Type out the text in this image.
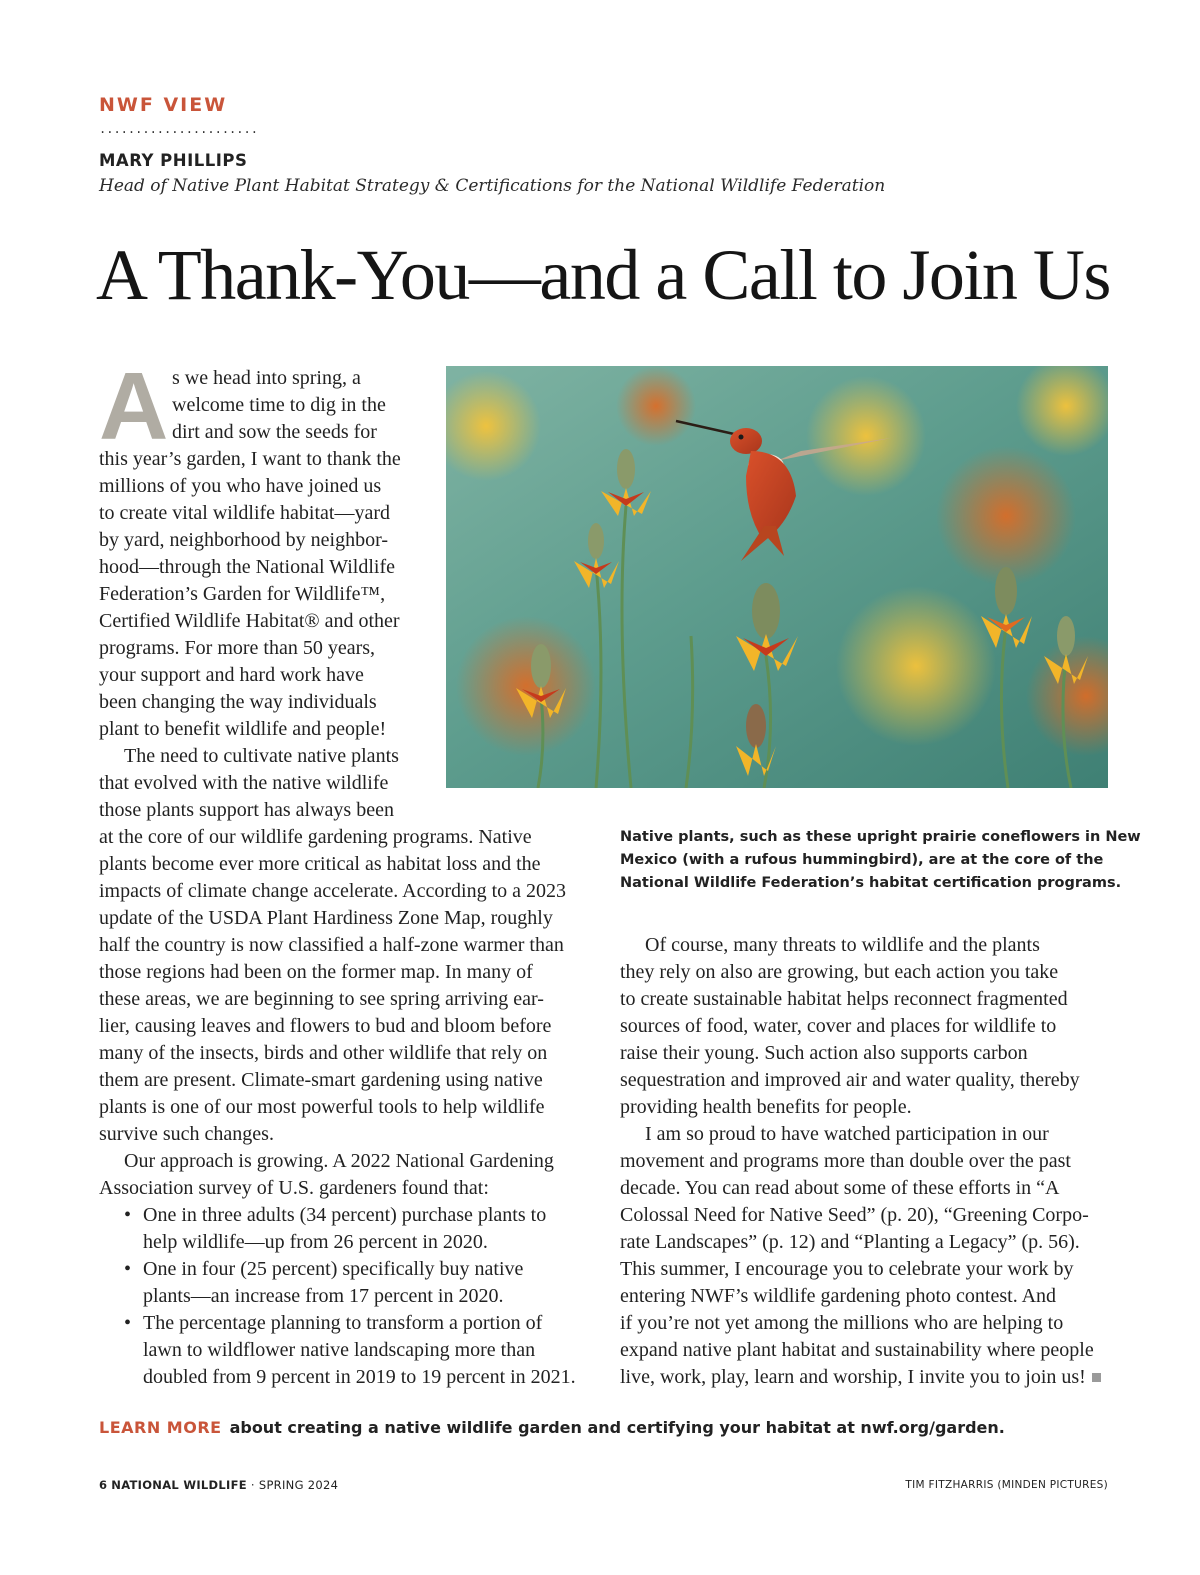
NWF VIEW
......................
MARY PHILLIPS
Head of Native Plant Habitat Strategy & Certifications for the National Wildlife Federation
A Thank-You—and a Call to Join Us
A s we head into spring, a
welcome time to dig in the
dirt and sow the seeds for
this year’s garden, I want to thank the
millions of you who have joined us
to create vital wildlife habitat—yard
by yard, neighborhood by neighbor-
hood—through the National Wildlife
Federation’s Garden for Wildlife™,
Certified Wildlife Habitat® and other
programs. For more than 50 years,
your support and hard work have
been changing the way individuals
plant to benefit wildlife and people!
The need to cultivate native plants
that evolved with the native wildlife
those plants support has always been
at the core of our wildlife gardening programs. Native
plants become ever more critical as habitat loss and the
impacts of climate change accelerate. According to a 2023
update of the USDA Plant Hardiness Zone Map, roughly
half the country is now classified a half-zone warmer than
those regions had been on the former map. In many of
these areas, we are beginning to see spring arriving ear-
lier, causing leaves and flowers to bud and bloom before
many of the insects, birds and other wildlife that rely on
them are present. Climate-smart gardening using native
plants is one of our most powerful tools to help wildlife
survive such changes.
Our approach is growing. A 2022 National Gardening
Association survey of U.S. gardeners found that:
• One in three adults (34 percent) purchase plants to
help wildlife—up from 26 percent in 2020.
• One in four (25 percent) specifically buy native
plants—an increase from 17 percent in 2020.
• The percentage planning to transform a portion of
lawn to wildflower native landscaping more than
doubled from 9 percent in 2019 to 19 percent in 2021.
Native plants, such as these upright prairie coneflowers in New
Mexico (with a rufous hummingbird), are at the core of the
National Wildlife Federation’s habitat certification programs.
Of course, many threats to wildlife and the plants
they rely on also are growing, but each action you take
to create sustainable habitat helps reconnect fragmented
sources of food, water, cover and places for wildlife to
raise their young. Such action also supports carbon
sequestration and improved air and water quality, thereby
providing health benefits for people.
I am so proud to have watched participation in our
movement and programs more than double over the past
decade. You can read about some of these efforts in “A
Colossal Need for Native Seed” (p. 20), “Greening Corpo-
rate Landscapes” (p. 12) and “Planting a Legacy” (p. 56).
This summer, I encourage you to celebrate your work by
entering NWF’s wildlife gardening photo contest. And
if you’re not yet among the millions who are helping to
expand native plant habitat and sustainability where people
live, work, play, learn and worship, I invite you to join us!
LEARN MORE about creating a native wildlife garden and certifying your habitat at nwf.org/garden.
6 NATIONAL WILDLIFE · SPRING 2024	TIM FITZHARRIS (MINDEN PICTURES)
